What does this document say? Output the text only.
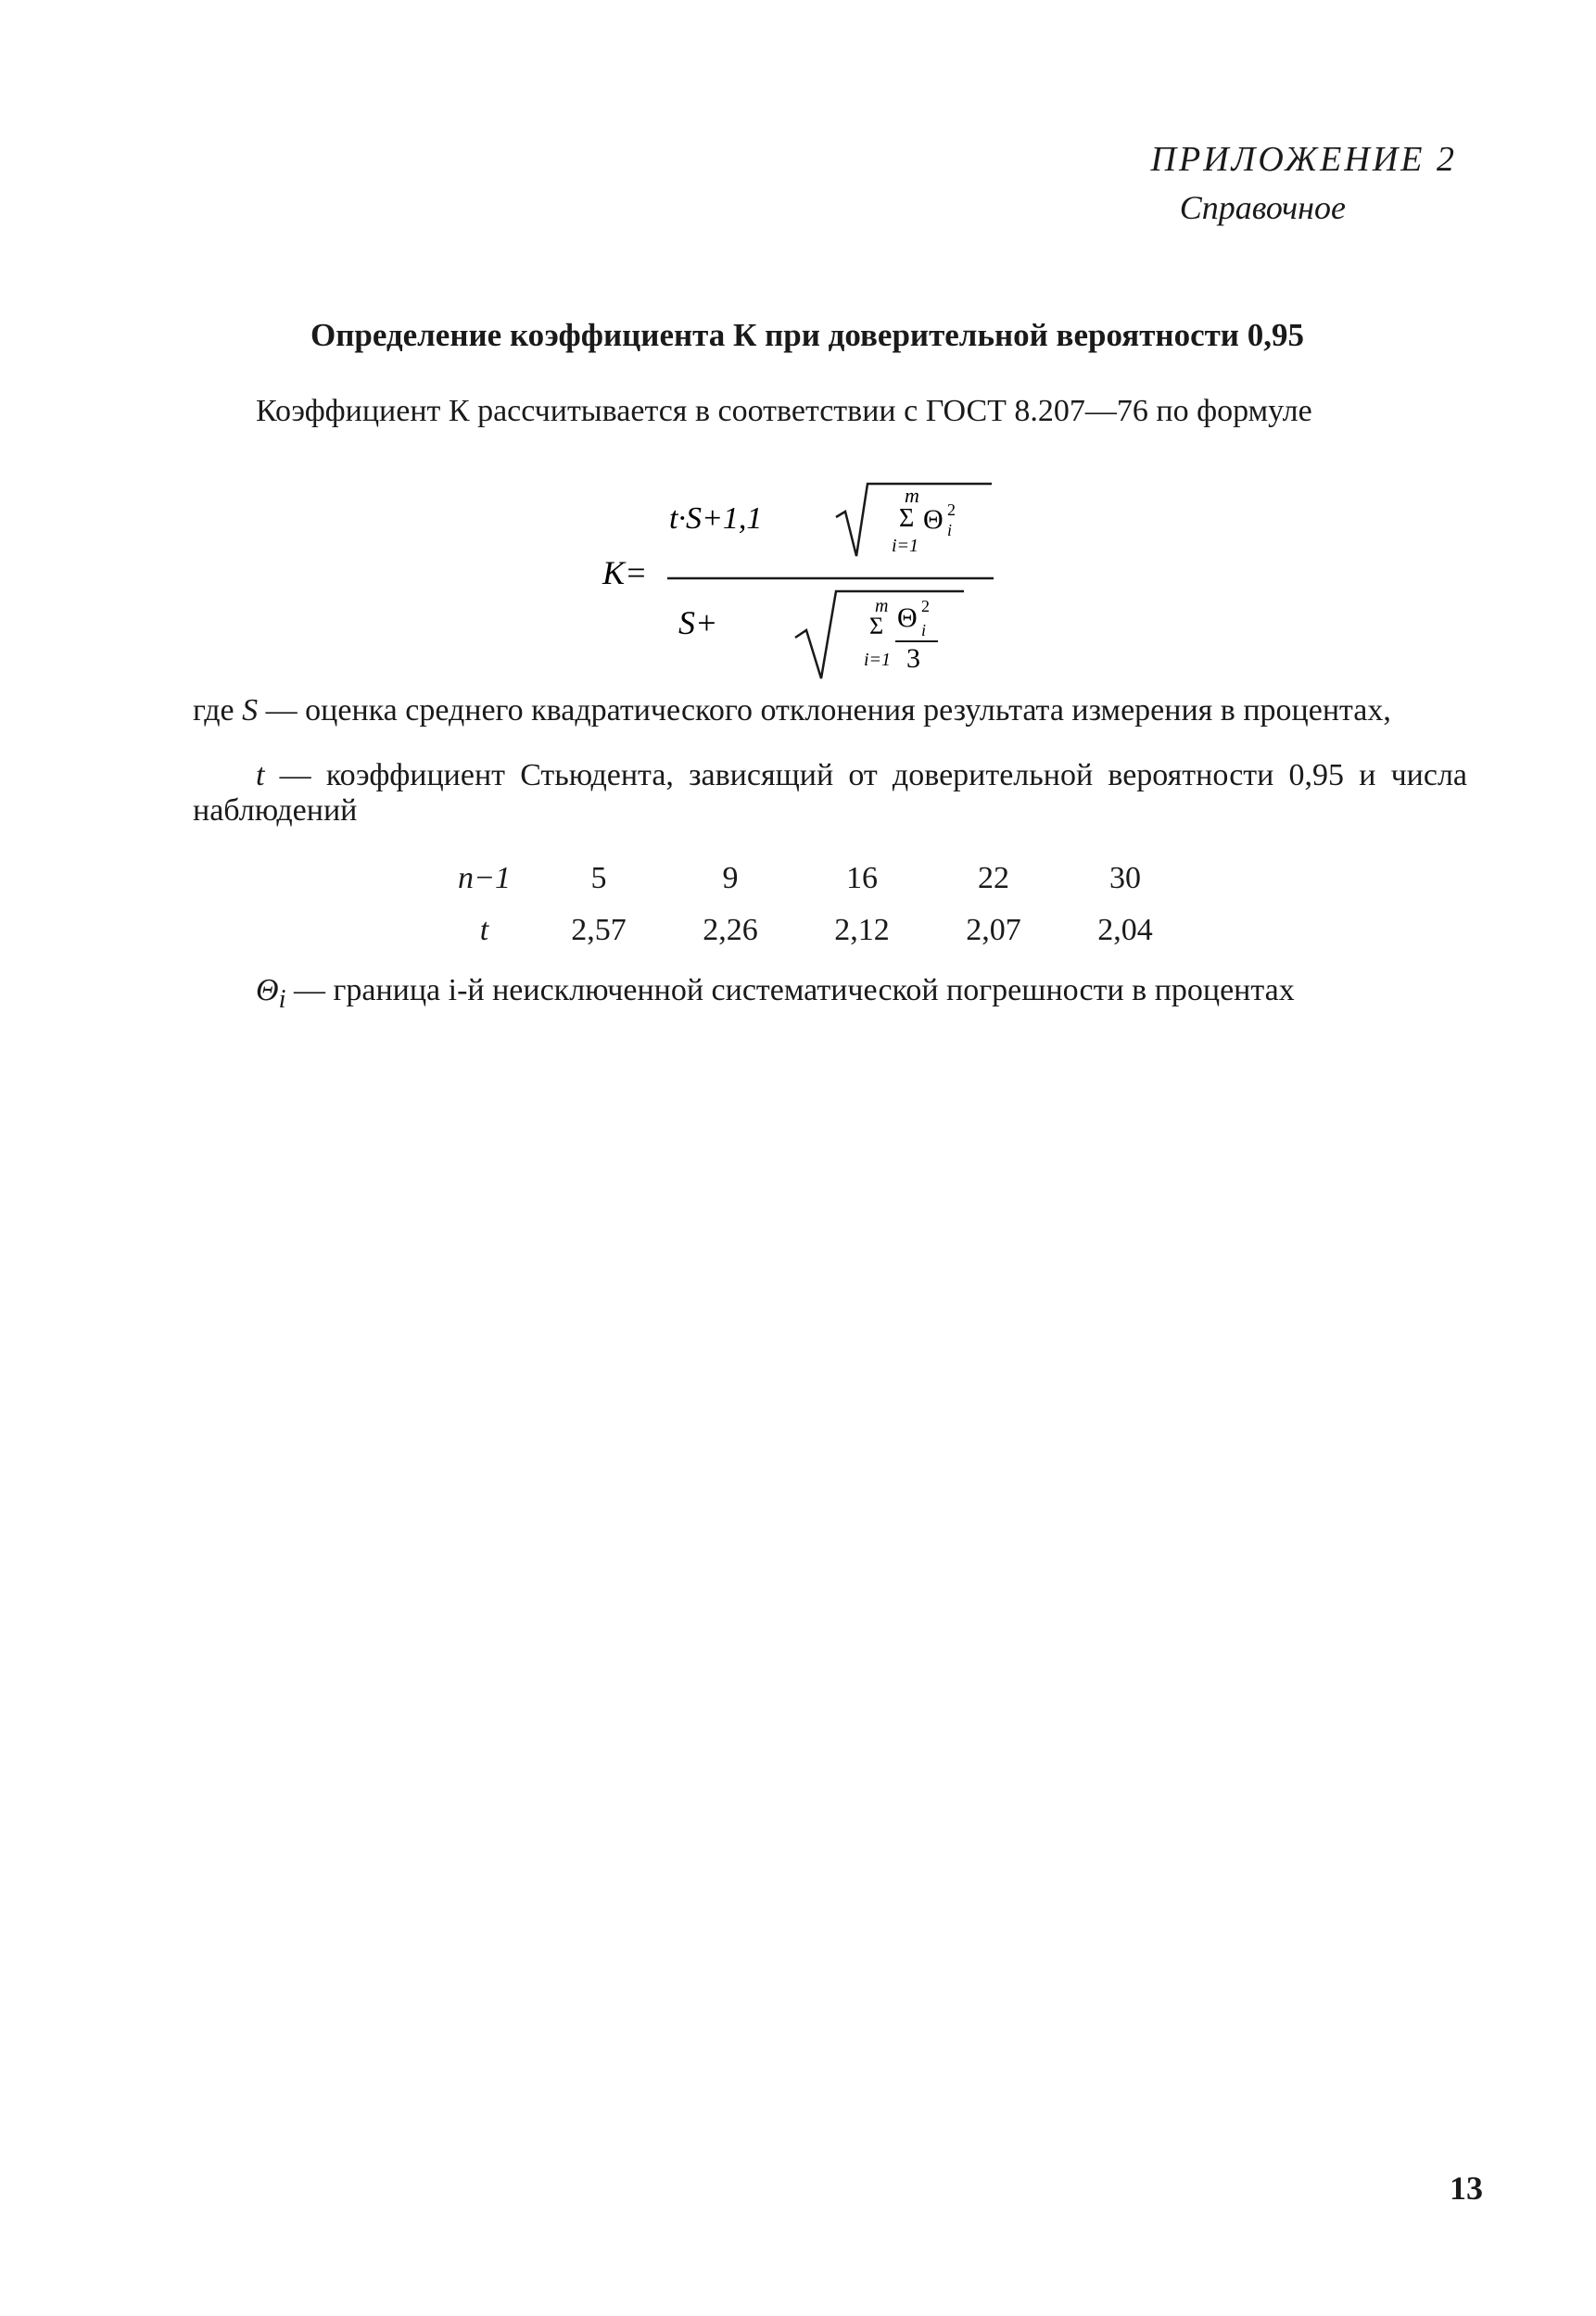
ПРИЛОЖЕНИЕ 2
Справочное
Определение коэффициента К при доверительной вероятности 0,95
Коэффициент К рассчитывается в соответствии с ГОСТ 8.207—76 по формуле
K=
t·S+1,1
m
Σ Θ i
2
i=1
S+	m
Σ Θ i
2
i=1 3
где S — оценка среднего квадратического отклонения результата измерения в процентах,
t — коэффициент Стьюдента, зависящий от доверительной вероятности 0,95 и числа наблюдений
n−1	5	9	16	22	30
t	2,57	2,26	2,12	2,07	2,04
$\Theta_i$ — граница i-й неисключенной систематической погрешности в процентах
13
